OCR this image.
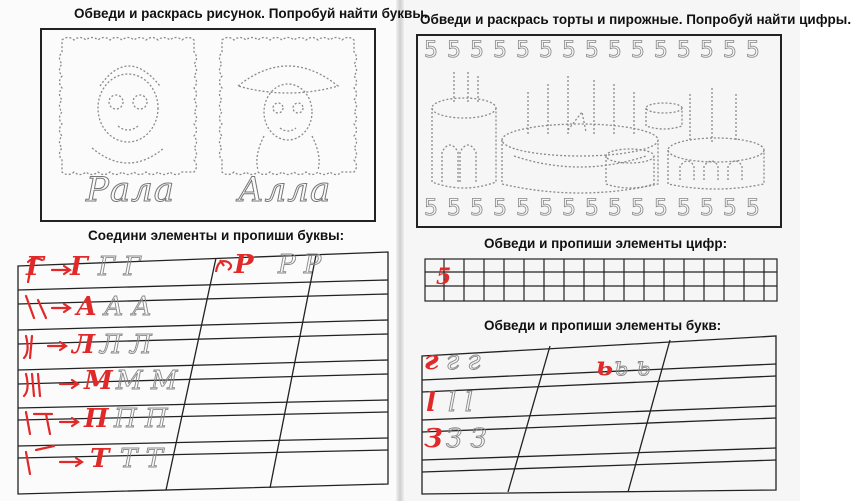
Обведи и раскрась рисунок. Попробуй найти буквы.
Рала Алла
Соедини элементы и пропиши буквы:
Г Г Г Г	Р Р Р
А А А
Л Л Л
М М М
П П П
Т Т Т
Обведи и раскрась торты и пирожные. Попробуй найти цифры.
5 5 5 5 5 5 5 5 5 5 5 5 5 5 5
5 5 5 5 5 5 5 5 5 5 5 5 5 5 5
Обведи и пропиши элементы цифр:
5
Обведи и пропиши элементы букв:
г г г
l l l
З З З
ь ь ь
